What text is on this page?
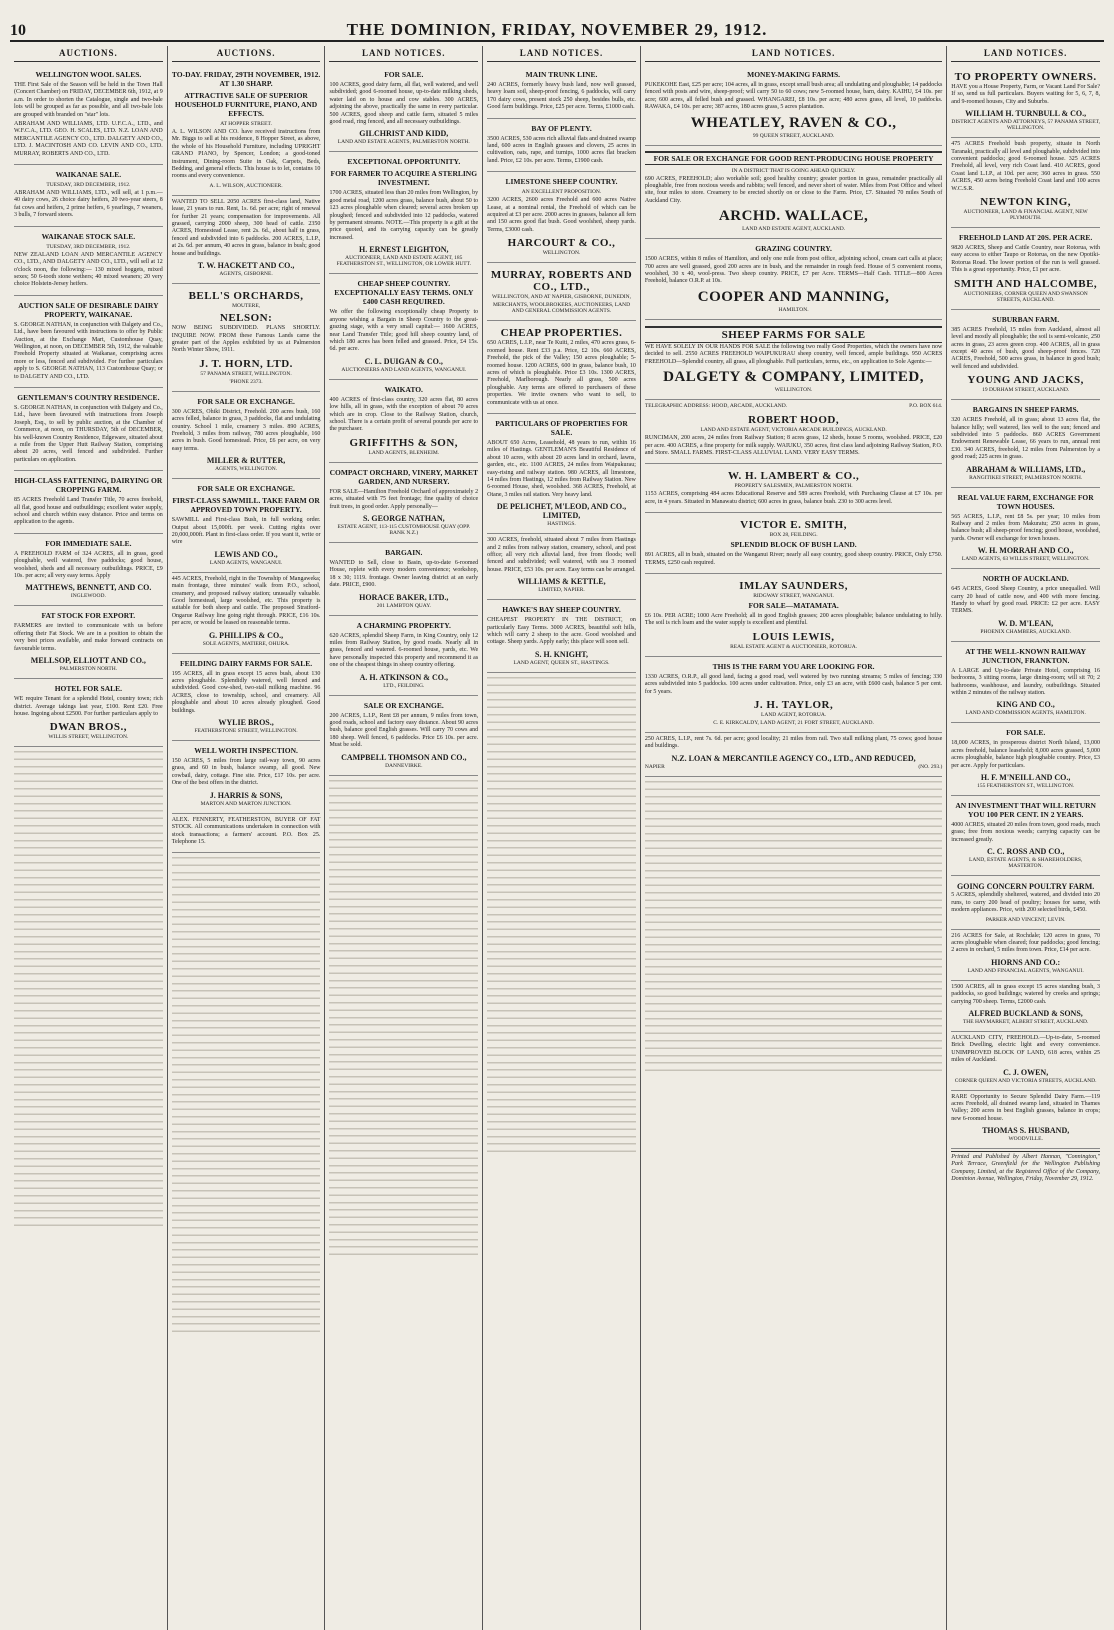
10	THE DOMINION, FRIDAY, NOVEMBER 29, 1912.
AUCTIONS.
WELLINGTON WOOL SALES.

THE First Sale of the Season will be held in the Town Hall (Concert Chamber) on FRIDAY, DECEMBER 6th, 1912, at 9 a.m. In order to shorten the Catalogue, single and two-bale lots will be grouped as far as possible, and all two-bale lots are grouped with branded on "star" lots.

ABRAHAM AND WILLIAMS, LTD. U.F.C.A., LTD., and W.F.C.A., LTD. GEO. H. SCALES, LTD. N.Z. LOAN AND MERCANTILE AGENCY CO., LTD. DALGETY AND CO., LTD. J. MACINTOSH AND CO. LEVIN AND CO., LTD. MURRAY, ROBERTS AND CO., LTD.

WAIKANAE SALE.
TUESDAY, 3RD DECEMBER, 1912.

ABRAHAM AND WILLIAMS, LTD., will sell, at 1 p.m.— 40 dairy cows, 26 choice dairy heifers, 20 two-year steers, 8 fat cows and heifers, 2 prime heifers, 6 yearlings, 7 weaners, 3 bulls, 7 forward steers.

WAIKANAE STOCK SALE.
TUESDAY, 3RD DECEMBER, 1912.

NEW ZEALAND LOAN AND MERCANTILE AGENCY CO., LTD., AND DALGETY AND CO., LTD., will sell at 12 o'clock noon, the following:— 130 mixed hoggets, mixed sexes; 50 6-tooth stone wethers; 40 mixed weaners; 20 very choice Holstein-Jersey heifers.

AUCTION SALE OF DESIRABLE DAIRY PROPERTY, WAIKANAE.

S. GEORGE NATHAN, in conjunction with Dalgety and Co., Ltd., have been favoured with instructions to offer by Public Auction, at the Exchange Mart, Customhouse Quay, Wellington, at noon, on DECEMBER 5th, 1912, the valuable Freehold Property situated at Waikanae, comprising acres more or less, fenced and subdivided. For further particulars apply to S. GEORGE NATHAN, 113 Customhouse Quay; or to DALGETY AND CO., LTD.

GENTLEMAN'S COUNTRY RESIDENCE.

S. GEORGE NATHAN, in conjunction with Dalgety and Co., Ltd., have been favoured with instructions from Joseph Joseph, Esq., to sell by public auction, at the Chamber of Commerce, at noon, on THURSDAY, 5th of DECEMBER, his well-known Country Residence, Edgeware, situated about a mile from the Upper Hutt Railway Station, comprising about 20 acres, well fenced and subdivided. Further particulars on application.

HIGH-CLASS FATTENING, DAIRYING OR CROPPING FARM.

85 ACRES Freehold Land Transfer Title, 70 acres freehold, all flat, good house and outbuildings; excellent water supply, school and church within easy distance. Price and terms on application to the agents.

FOR IMMEDIATE SALE.

A FREEHOLD FARM of 324 ACRES, all in grass, good ploughable, well watered, five paddocks; good house, woolshed, sheds and all necessary outbuildings. PRICE, £9 10s. per acre; all very easy terms. Apply

MATTHEWS, BENNETT, AND CO.
INGLEWOOD.
FAT STOCK FOR EXPORT.

FARMERS are invited to communicate with us before offering their Fat Stock. We are in a position to obtain the very best prices available, and make forward contracts on favourable terms.

MELLSOP, ELLIOTT AND CO.,
PALMERSTON NORTH.
HOTEL FOR SALE.

WE require Tenant for a splendid Hotel, country town; rich district. Average takings last year, £100. Rent £20. Free house. Ingoing about £2500. For further particulars apply to

DWAN BROS.,
WILLIS STREET, WELLINGTON.
AUCTIONS.
TO-DAY. FRIDAY, 29TH NOVEMBER, 1912. AT 1.30 SHARP.
ATTRACTIVE SALE OF SUPERIOR HOUSEHOLD FURNITURE, PIANO, AND EFFECTS.
AT HOPPER STREET.

A. L. WILSON AND CO. have received instructions from Mr. Biggs to sell at his residence, 8 Hopper Street, as above, the whole of his Household Furniture, including UPRIGHT GRAND PIANO, by Spencer, London; a good-toned instrument, Dining-room Suite in Oak, Carpets, Beds, Bedding, and general effects. This house is to let, contains 10 rooms and every convenience.

A. L. WILSON, AUCTIONEER.

WANTED TO SELL 2050 ACRES first-class land, Native lease, 21 years to run. Rent, 1s. 6d. per acre; right of renewal for further 21 years; compensation for improvements. All grassed, carrying 2000 sheep, 300 head of cattle. 2350 ACRES, Homestead Lease, rent 2s. 6d., about half in grass, fenced and subdivided into 6 paddocks. 200 ACRES, L.I.P., at 2s. 6d. per annum, 40 acres in grass, balance in bush; good house and buildings.

T. W. HACKETT AND CO.,
AGENTS, GISBORNE.
BELL'S ORCHARDS,
MOUTERE,
NELSON:

NOW BEING SUBDIVIDED. PLANS SHORTLY. INQUIRE NOW. FROM these Famous Lands came the greater part of the Apples exhibited by us at Palmerston North Winter Show, 1911.

J. T. HORN, LTD.
57 PANAMA STREET, WELLINGTON.
'PHONE 2373.
FOR SALE OR EXCHANGE.

300 ACRES, Ohiki District, Freehold. 200 acres bush, 160 acres felled, balance in grass, 3 paddocks, flat and undulating country. School 1 mile, creamery 3 miles. 890 ACRES, Freehold, 3 miles from railway, 780 acres ploughable, 160 acres in bush. Good homestead. Price, £6 per acre, on very easy terms.

MILLER & RUTTER,
AGENTS, WELLINGTON.
FOR SALE OR EXCHANGE.
FIRST-CLASS SAWMILL. TAKE FARM OR APPROVED TOWN PROPERTY.

SAWMILL and First-class Bush, in full working order. Output about 15,000ft. per week. Cutting rights over 20,000,000ft. Plant in first-class order. If you want it, write or wire

LEWIS AND CO.,
LAND AGENTS, WANGANUI.

445 ACRES, Freehold, right in the Township of Mangaweka; main frontage, three minutes' walk from P.O., school, creamery, and proposed railway station; unusually valuable. Good homestead, large woolshed, etc. This property is suitable for both sheep and cattle. The proposed Stratford-Ongarue Railway line going right through. PRICE, £16 10s. per acre, or would be leased on reasonable terms.

G. PHILLIPS & CO.,
SOLE AGENTS, MATIERE, OHURA.
FEILDING DAIRY FARMS FOR SALE.

195 ACRES, all in grass except 15 acres bush, about 130 acres ploughable. Splendidly watered, well fenced and subdivided. Good cow-shed, two-stall milking machine. 96 ACRES, close to township, school, and creamery. All ploughable and about 10 acres already ploughed. Good buildings.

WYLIE BROS.,
FEATHERSTONE STREET, WELLINGTON.
WELL WORTH INSPECTION.

150 ACRES, 5 miles from large rail-way town, 90 acres grass, and 60 in bush, balance swamp, all good. New cowbail, dairy, cottage. Fine site. Price, £17 10s. per acre. One of the best offers in the district.

J. HARRIS & SONS,
MARTON AND MARTON JUNCTION.

ALEX. FENNERTY, FEATHERSTON, BUYER OF FAT STOCK. All communications undertaken in connection with stock transactions; a farmers' account. P.O. Box 25. Telephone 15.

LAND NOTICES.
FOR SALE.

100 ACRES, good dairy farm, all flat, well watered, and well subdivided; good 6-roomed house, up-to-date milking sheds, water laid on to house and cow stables. 300 ACRES, adjoining the above, practically the same in every particular. 500 ACRES, good sheep and cattle farm, situated 5 miles good road, ring fenced, and all necessary outbuildings.

GILCHRIST AND KIDD,
LAND AND ESTATE AGENTS, PALMERSTON NORTH.
EXCEPTIONAL OPPORTUNITY.
FOR FARMER TO ACQUIRE A STERLING INVESTMENT.

1700 ACRES, situated less than 20 miles from Wellington, by good metal road, 1200 acres grass, balance bush, about 50 to 123 acres ploughable when cleared; several acres broken up ploughed; fenced and subdivided into 12 paddocks, watered by permanent streams. NOTE.—This property is a gift at the price quoted, and its carrying capacity can be greatly increased.

H. ERNEST LEIGHTON,
AUCTIONEER, LAND AND ESTATE AGENT, 185 FEATHERSTON ST., WELLINGTON, OR LOWER HUTT.
CHEAP SHEEP COUNTRY. EXCEPTIONALLY EASY TERMS. ONLY £400 CASH REQUIRED.

We offer the following exceptionally cheap Property to anyone wishing a Bargain in Sheep Country to the great-grazing stage, with a very small capital:— 1600 ACRES, near Land Transfer Title; good hill sheep country land, of which 180 acres has been felled and grassed. Price, £4 15s. 6d. per acre.

C. L. DUIGAN & CO.,
AUCTIONEERS AND LAND AGENTS, WANGANUI.
WAIKATO.

400 ACRES of first-class country, 320 acres flat, 80 acres low hills, all in grass, with the exception of about 70 acres which are in crop. Close to the Railway Station, church, school. There is a certain profit of several pounds per acre to the purchaser.

GRIFFITHS & SON,
LAND AGENTS, BLENHEIM.
COMPACT ORCHARD, VINERY, MARKET GARDEN, AND NURSERY.

FOR SALE—Hamilton Freehold Orchard of approximately 2 acres, situated with 75 feet frontage; fine quality of choice fruit trees, in good order. Apply personally—

S. GEORGE NATHAN,
ESTATE AGENT, 113-115 CUSTOMHOUSE QUAY (OPP. BANK N.Z.)
BARGAIN.

WANTED to Sell, close to Basin, up-to-date 6-roomed House, replete with every modern convenience; workshop, 18 x 30; 1119. frontage. Owner leaving district at an early date. PRICE, £900.

HORACE BAKER, LTD.,
201 LAMBTON QUAY.
A CHARMING PROPERTY.

620 ACRES, splendid Sheep Farm, in King Country, only 12 miles from Railway Station, by good roads. Nearly all in grass, fenced and watered. 6-roomed house, yards, etc. We have personally inspected this property and recommend it as one of the cheapest things in sheep country offering.

A. H. ATKINSON & CO.,
LTD., FEILDING.
SALE OR EXCHANGE.

200 ACRES, L.I.P., Rent £8 per annum, 9 miles from town, good roads, school and factory easy distance. About 90 acres bush, balance good English grasses. Will carry 70 cows and 180 sheep. Well fenced, 6 paddocks. Price £6 10s. per acre. Must be sold.

CAMPBELL THOMSON AND CO.,
DANNEVIRKE.
LAND NOTICES.
MAIN TRUNK LINE.

240 ACRES, formerly heavy bush land, now well grassed, heavy loam soil, sheep-proof fencing, 6 paddocks, will carry 170 dairy cows, present stock 250 sheep, besides bulls, etc. Good farm buildings. Price, £25 per acre. Terms, £1000 cash.

BAY OF PLENTY.

3500 ACRES, 530 acres rich alluvial flats and drained swamp land, 600 acres in English grasses and clovers, 25 acres in cultivation, oats, rape, and turnips, 1000 acres flat bracken land. Price, £2 10s. per acre. Terms, £1900 cash.

LIMESTONE SHEEP COUNTRY.
AN EXCELLENT PROPOSITION.

3200 ACRES, 2600 acres Freehold and 600 acres Native Lease, at a nominal rental, the Freehold of which can be acquired at £3 per acre. 2000 acres in grasses, balance all fern and 150 acres good flat bush. Good woolshed, sheep yards. Terms, £3000 cash.

HARCOURT & CO.,
WELLINGTON.
MURRAY, ROBERTS AND CO., LTD.,
WELLINGTON, AND AT NAPIER, GISBORNE, DUNEDIN,
MERCHANTS, WOOLBROKERS, AUCTIONEERS, LAND AND GENERAL COMMISSION AGENTS.
CHEAP PROPERTIES.

650 ACRES, L.I.P., near Te Kuiti, 2 miles, 470 acres grass, 6-roomed house. Rent £33 p.a. Price, £2 10s. 660 ACRES, Freehold, the pick of the Valley; 150 acres ploughable; 5-roomed house. 1200 ACRES, 600 in grass, balance bush, 10 acres of which is ploughable. Price £3 10s. 1300 ACRES, Freehold, Marlborough. Nearly all grass, 500 acres ploughable. Any terms are offered to purchasers of these properties. We invite owners who want to sell, to communicate with us at once.

PARTICULARS OF PROPERTIES FOR SALE.

ABOUT 650 Acres, Leasehold, 48 years to run, within 16 miles of Hastings. GENTLEMAN'S Beautiful Residence of about 10 acres, with about 20 acres land in orchard, lawns, garden, etc., etc. 1100 ACRES, 24 miles from Waipukurau; easy-rising and railway station. 980 ACRES, all limestone, 14 miles from Hastings, 12 miles from Railway Station. New 6-roomed House, shed, woolshed. 368 ACRES, Freehold, at Otane, 3 miles rail station. Very heavy land.

DE PELICHET, M'LEOD, AND CO., LIMITED,
HASTINGS.

300 ACRES, freehold, situated about 7 miles from Hastings and 2 miles from railway station, creamery, school, and post office; all very rich alluvial land, free from floods; well fenced and subdivided; well watered, with sea 3 roomed house. PRICE, £53 10s. per acre. Easy terms can be arranged.

WILLIAMS & KETTLE,
LIMITED, NAPIER.
HAWKE'S BAY SHEEP COUNTRY.

CHEAPEST PROPERTY IN THE DISTRICT, on particularly Easy Terms. 3000 ACRES, beautiful soft hills, which will carry 2 sheep to the acre. Good woolshed and cottage. Sheep yards. Apply early; this place will soon sell.

S. H. KNIGHT,
LAND AGENT, QUEEN ST., HASTINGS.
LAND NOTICES.
MONEY-MAKING FARMS.

PUKEKOHE East, £25 per acre; 104 acres, all in grass, except small bush area; all undulating and ploughable; 14 paddocks fenced with posts and wire, sheep-proof; will carry 50 to 60 cows; new 5-roomed house, barn, dairy. KAIHU, £4 10s. per acre; 600 acres, all felled bush and grassed. WHANGAREI, £8 10s. per acre; 480 acres grass, all level, 10 paddocks. RAWAKA, £4 10s. per acre; 387 acres, 180 acres grass, 5 acres plantation.

WHEATLEY, RAVEN & CO.,
99 QUEEN STREET, AUCKLAND.
FOR SALE OR EXCHANGE FOR GOOD RENT-PRODUCING HOUSE PROPERTY
IN A DISTRICT THAT IS GOING AHEAD QUICKLY.

690 ACRES, FREEHOLD; also workable soil; good healthy country; greater portion in grass, remainder practically all ploughable, free from noxious weeds and rabbits; well fenced, and never short of water. Miles from Post Office and wheel site, four miles to store. Creamery to be erected shortly on or close to the Farm. Price, £7. Situated 70 miles South of Auckland City.

ARCHD. WALLACE,
LAND AND ESTATE AGENT, AUCKLAND.
GRAZING COUNTRY.

1500 ACRES, within 8 miles of Hamilton, and only one mile from post office, adjoining school, cream cart calls at place; 700 acres are well grassed, good 200 acres are in bush, and the remainder in rough feed. House of 5 convenient rooms, woolshed, 30 x 40, wool-press. Two sheep country. PRICE, £7 per Acre. TERMS—Half Cash. TITLE—800 Acres Freehold, balance O.R.P. at 10s.

COOPER AND MANNING,
HAMILTON.
SHEEP FARMS FOR SALE

WE HAVE SOLELY IN OUR HANDS FOR SALE the following two really Good Properties, which the owners have now decided to sell. 2550 ACRES FREEHOLD WAIPUKURAU sheep country, well fenced, ample buildings. 950 ACRES FREEHOLD—Splendid country, all grass, all ploughable. Full particulars, terms, etc., on application to Sole Agents:—

DALGETY & COMPANY, LIMITED,
WELLINGTON.
TELEGRAPHIC ADDRESS: HOOD, ARCADE, AUCKLAND.	P.O. BOX 614.
ROBERT HOOD,
LAND AND ESTATE AGENT, VICTORIA ARCADE BUILDINGS, AUCKLAND.

RUNCIMAN, 200 acres, 24 miles from Railway Station; 8 acres grass, 12 sheds, house 5 rooms, woolshed. PRICE, £20 per acre. 400 ACRES, a fine property for milk supply. WAIUKU, 350 acres, first class land adjoining Railway Station, P.O. and Store. SMALL FARMS. FIRST-CLASS ALLUVIAL LAND. VERY EASY TERMS.

W. H. LAMBERT & CO.,
PROPERTY SALESMEN, PALMERSTON NORTH.

1153 ACRES, comprising 484 acres Educational Reserve and 589 acres Freehold, with Purchasing Clause at £7 10s. per acre, in 4 years. Situated in Manawatu district; 600 acres in grass, balance bush. 230 to 300 acres level.

VICTOR E. SMITH,
BOX 28, FEILDING.
SPLENDID BLOCK OF BUSH LAND.

891 ACRES, all in bush, situated on the Wanganui River; nearly all easy country, good sheep country. PRICE, Only £750. TERMS, £250 cash required.

IMLAY SAUNDERS,
RIDGWAY STREET, WANGANUI.
FOR SALE—MATAMATA.

£6 10s. PER ACRE; 1000 Acre Freehold; all in good English grasses; 200 acres ploughable; balance undulating to hilly. The soil is rich loam and the water supply is excellent and plentiful.

LOUIS LEWIS,
REAL ESTATE AGENT & AUCTIONEER, ROTORUA.
THIS IS THE FARM YOU ARE LOOKING FOR.

1330 ACRES, O.R.P., all good land, facing a good road, well watered by two running streams; 5 miles of fencing; 330 acres subdivided into 5 paddocks. 100 acres under cultivation. Price, only £3 an acre, with £600 cash, balance 5 per cent. for 5 years.

J. H. TAYLOR,
LAND AGENT, ROTORUA.
C. E. KIRKCALDY, LAND AGENT, 21 FORT STREET, AUCKLAND.

250 ACRES, L.I.P., rent 7s. 6d. per acre; good locality; 21 miles from rail. Two stall milking plant, 75 cows; good house and buildings.

N.Z. LOAN & MERCANTILE AGENCY CO., LTD., AND REDUCED,
NAPIER	(NO. 293.)
LAND NOTICES.
TO PROPERTY OWNERS.

HAVE you a House Property, Farm, or Vacant Land For Sale? If so, send us full particulars. Buyers waiting for 5, 6, 7, 8, and 9-roomed houses, City and Suburbs.

WILLIAM H. TURNBULL & CO.,
DISTRICT AGENTS AND ATTORNEYS, 57 PANAMA STREET, WELLINGTON.

475 ACRES Freehold bush property, situate in North Taranaki, practically all level and ploughable, subdivided into convenient paddocks; good 6-roomed house. 325 ACRES Freehold, all level, very rich Coast land. 410 ACRES, good Coast land L.I.P., at 10d. per acre; 360 acres in grass. 550 ACRES, 450 acres being Freehold Coast land and 100 acres W.C.S.R.

NEWTON KING,
AUCTIONEER, LAND & FINANCIAL AGENT, NEW PLYMOUTH.
FREEHOLD LAND AT 20S. PER ACRE.

9820 ACRES, Sheep and Cattle Country, near Rotorua, with easy access to either Taupo or Rotorua, on the new Opotiki-Rotorua Road. The lower portion of the run is well grassed. This is a great opportunity. Price, £1 per acre.

SMITH AND HALCOMBE,
AUCTIONEERS, CORNER QUEEN AND SWANSON STREETS, AUCKLAND.
SUBURBAN FARM.

385 ACRES Freehold, 15 miles from Auckland, almost all level and mostly all ploughable; the soil is semi-volcanic, 250 acres in grass, 23 acres green crop. 400 ACRES, all in grass except 40 acres of bush, good sheep-proof fences. 720 ACRES, Freehold, 500 acres grass, in balance in good bush; well fenced and subdivided.

YOUNG AND JACKS,
19 DURHAM STREET, AUCKLAND.
BARGAINS IN SHEEP FARMS.

320 ACRES Freehold, all in grass; about 13 acres flat, the balance hilly; well watered, lies well to the sun; fenced and subdivided into 5 paddocks. 860 ACRES Government Endowment Renewable Lease, 66 years to run, annual rent £30. 340 ACRES, freehold, 12 miles from Palmerston by a good road; 225 acres in grass.

ABRAHAM & WILLIAMS, LTD.,
RANGITIKEI STREET, PALMERSTON NORTH.
REAL VALUE FARM, EXCHANGE FOR TOWN HOUSES.

565 ACRES, L.I.P., rent £8 5s. per year; 10 miles from Railway and 2 miles from Makuratu; 250 acres in grass, balance bush; all sheep-proof fencing; good house, woolshed, yards. Owner will exchange for town houses.

W. H. MORRAH AND CO.,
LAND AGENTS, 63 WILLIS STREET, WELLINGTON.
NORTH OF AUCKLAND.

645 ACRES, Good Sheep Country, a price unequalled. Will carry 20 head of cattle now, and 400 with more fencing. Handy to wharf by good road. PRICE: £2 per acre. EASY TERMS.

W. D. M'LEAN,
PHOENIX CHAMBERS, AUCKLAND.
AT THE WELL-KNOWN RAILWAY JUNCTION, FRANKTON.

A LARGE and Up-to-date Private Hotel, comprising 16 bedrooms, 3 sitting rooms, large dining-room; will sit 70; 2 bathrooms, washhouse, and laundry, outbuildings. Situated within 2 minutes of the railway station.

KING AND CO.,
LAND AND COMMISSION AGENTS, HAMILTON.
FOR SALE.

18,000 ACRES, in prosperous district North Island, 13,000 acres freehold, balance leasehold; 8,000 acres grassed, 5,000 acres ploughable, balance high ploughable country. Price, £3 per acre. Apply for particulars.

H. F. M'NEILL AND CO.,
155 FEATHERSTON ST., WELLINGTON.
AN INVESTMENT THAT WILL RETURN YOU 100 PER CENT. IN 2 YEARS.

4000 ACRES, situated 20 miles from town, good roads, much grass; free from noxious weeds; carrying capacity can be increased greatly.

C. C. ROSS AND CO.,
LAND, ESTATE AGENTS, & SHAREHOLDERS, MASTERTON.
GOING CONCERN POULTRY FARM.

5 ACRES, splendidly sheltered, watered, and divided into 20 runs, to carry 200 head of poultry; houses for same, with modern appliances. Price, with 200 selected birds, £450.

PARKER AND VINCENT, LEVIN.

216 ACRES for Sale, at Rochdale; 120 acres in grass, 70 acres ploughable when cleared; four paddocks; good fencing; 2 acres in orchard, 5 miles from town. Price, £14 per acre.

HIORNS AND CO.:
LAND AND FINANCIAL AGENTS, WANGANUI.

1500 ACRES, all in grass except 15 acres standing bush, 3 paddocks, so good buildings; watered by creeks and springs; carrying 700 sheep. Terms, £2000 cash.

ALFRED BUCKLAND & SONS,
THE HAYMARKET, ALBERT STREET, AUCKLAND.

AUCKLAND CITY, FREEHOLD.—Up-to-date, 5-roomed Brick Dwelling, electric light and every convenience. UNIMPROVED BLOCK OF LAND, 618 acres, within 25 miles of Auckland.

C. J. OWEN,
CORNER QUEEN AND VICTORIA STREETS, AUCKLAND.

RARE Opportunity to Secure Splendid Dairy Farm.—119 acres Freehold, all drained swamp land, situated in Thames Valley; 200 acres in best English grasses, balance in crops; new 6-roomed house.

THOMAS S. HUSBAND,
WOODVILLE.
Printed and Published by Albert Hannan, "Connington," Park Terrace, Greenfield for the Wellington Publishing Company, Limited, at the Registered Office of the Company, Dominion Avenue, Wellington, Friday, November 29, 1912.
